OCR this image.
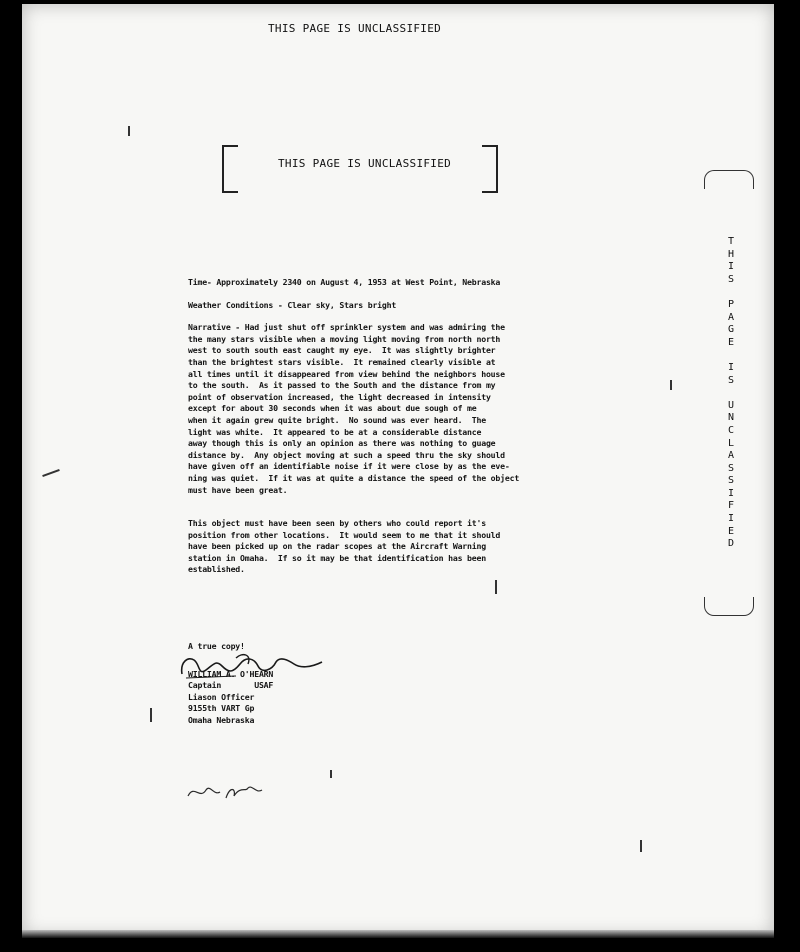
THIS PAGE IS UNCLASSIFIED
THIS PAGE IS UNCLASSIFIED
T
H
I
S
P
A
G
E
I
S
U
N
C
L
A
S
S
I
F
I
E
D
Time- Approximately 2340 on August 4, 1953 at West Point, Nebraska
Weather Conditions - Clear sky, Stars bright
Narrative - Had just shut off sprinkler system and was admiring the
the many stars visible when a moving light moving from north north
west to south south east caught my eye.  It was slightly brighter
than the brightest stars visible.  It remained clearly visible at
all times until it disappeared from view behind the neighbors house
to the south.  As it passed to the South and the distance from my
point of observation increased, the light decreased in intensity
except for about 30 seconds when it was about due sough of me
when it again grew quite bright.  No sound was ever heard.  The
light was white.  It appeared to be at a considerable distance
away though this is only an opinion as there was nothing to guage
distance by.  Any object moving at such a speed thru the sky should
have given off an identifiable noise if it were close by as the eve-
ning was quiet.  If it was at quite a distance the speed of the object
must have been great.
This object must have been seen by others who could report it's
position from other locations.  It would seem to me that it should
have been picked up on the radar scopes at the Aircraft Warning
station in Omaha.  If so it may be that identification has been
established.
A true copy!
WILLIAM A. O'HEARN
Captain       USAF
Liason Officer
9155th VART Gp
Omaha Nebraska
